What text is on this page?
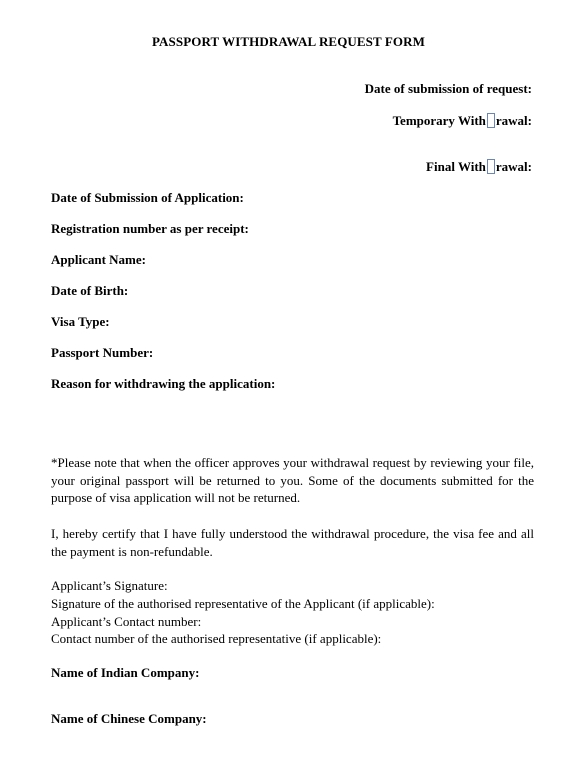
PASSPORT WITHDRAWAL REQUEST FORM
Date of submission of request:
Temporary With rawal:
Final With rawal:
Date of Submission of Application:
Registration number as per receipt:
Applicant Name:
Date of Birth:
Visa Type:
Passport Number:
Reason for withdrawing the application:
*Please note that when the officer approves your withdrawal request by reviewing your file, your original passport will be returned to you. Some of the documents submitted for the purpose of visa application will not be returned.
I, hereby certify that I have fully understood the withdrawal procedure, the visa fee and all the payment is non-refundable.
Applicant’s Signature:
Signature of the authorised representative of the Applicant (if applicable):
Applicant’s Contact number:
Contact number of the authorised representative (if applicable):
Name of Indian Company:
Name of Chinese Company:
